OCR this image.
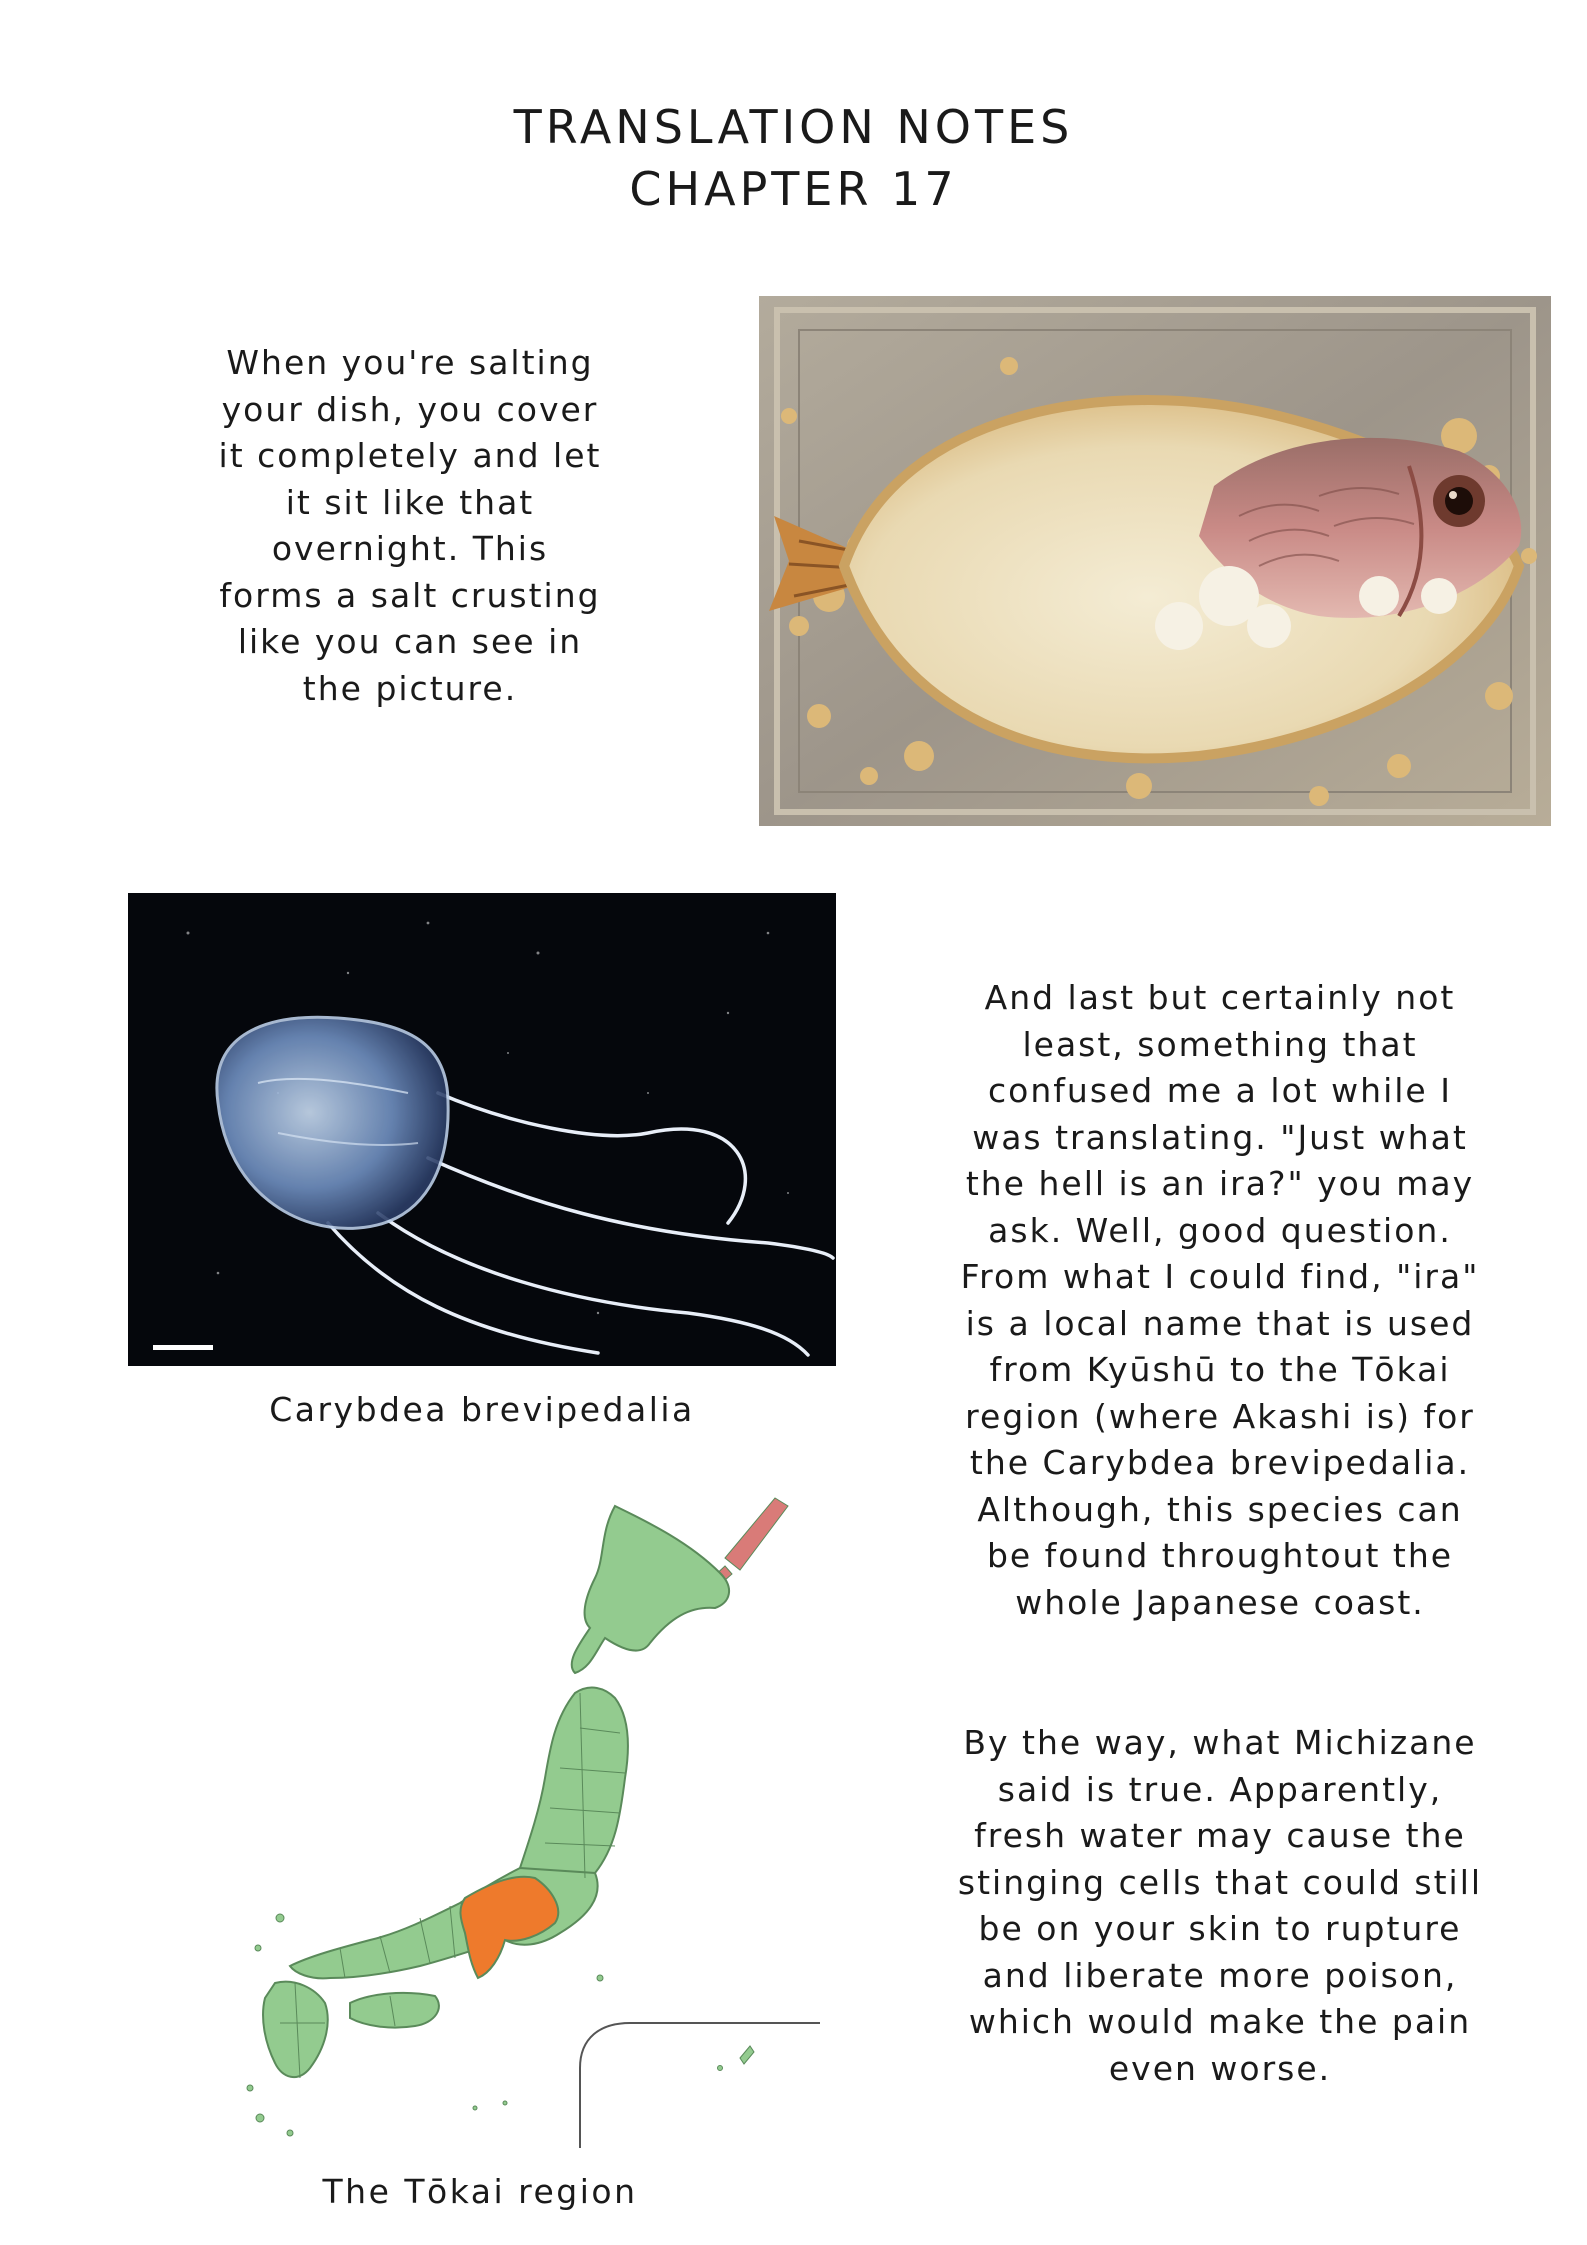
TRANSLATION NOTES
CHAPTER 17
When you're salting
your dish, you cover
it completely and let
it sit like that
overnight. This
forms a salt crusting
like you can see in
the picture.
Carybdea brevipedalia
And last but certainly not
least, something that
confused me a lot while I
was translating. "Just what
the hell is an ira?" you may
ask. Well, good question.
From what I could find, "ira"
is a local name that is used
from Kyūshū to the Tōkai
region (where Akashi is) for
the Carybdea brevipedalia.
Although, this species can
be found throughtout the
whole Japanese coast.
The Tōkai region
By the way, what Michizane
said is true. Apparently,
fresh water may cause the
stinging cells that could still
be on your skin to rupture
and liberate more poison,
which would make the pain
even worse.
